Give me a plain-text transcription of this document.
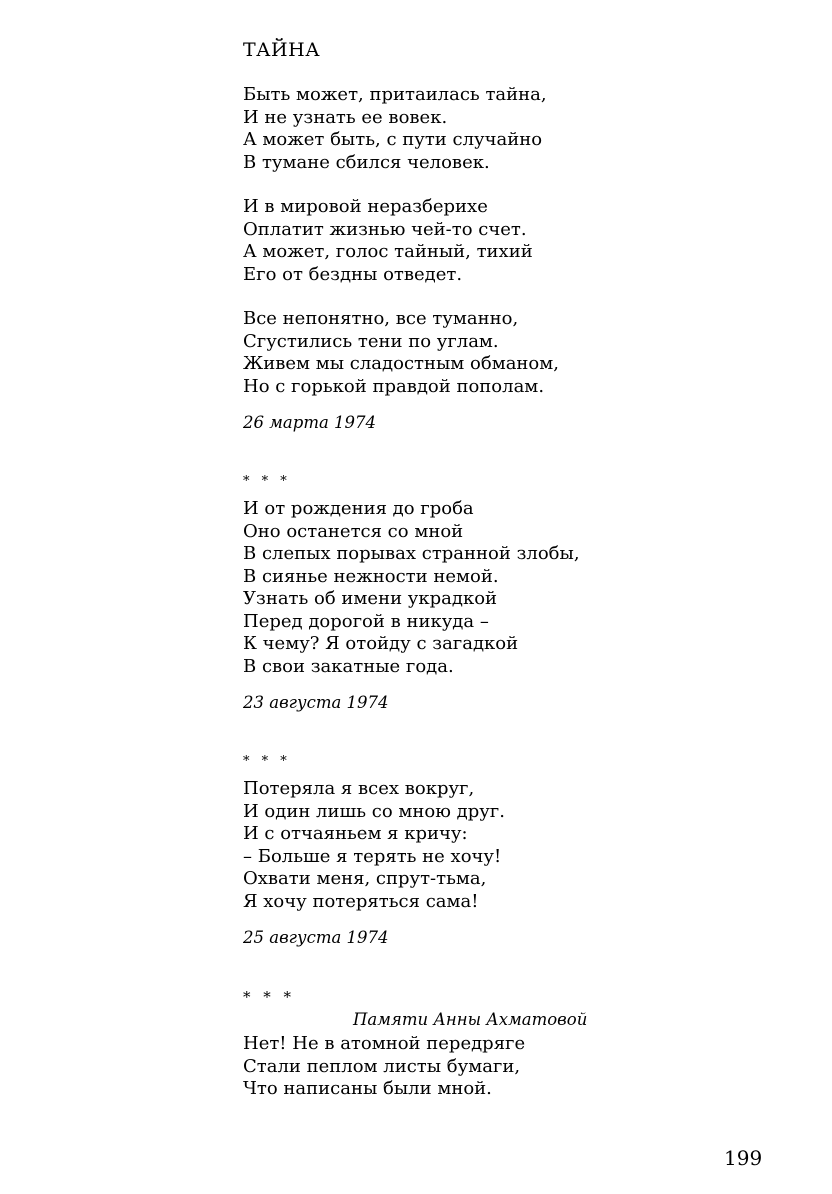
ТАЙНА
Быть может, притаилась тайна,
И не узнать ее вовек.
А может быть, с пути случайно
В тумане сбился человек.
И в мировой неразберихе
Оплатит жизнью чей-то счет.
А может, голос тайный, тихий
Его от бездны отведет.
Все непонятно, все туманно,
Сгустились тени по углам.
Живем мы сладостным обманом,
Но с горькой правдой пополам.
26 марта 1974
* * *
И от рождения до гроба
Оно останется со мной
В слепых порывах странной злобы,
В сиянье нежности немой.
Узнать об имени украдкой
Перед дорогой в никуда –
К чему? Я отойду с загадкой
В свои закатные года.
23 августа 1974
* * *
Потеряла я всех вокруг,
И один лишь со мною друг.
И с отчаяньем я кричу:
– Больше я терять не хочу!
Охвати меня, спрут-тьма,
Я хочу потеряться сама!
25 августа 1974
* * *
Памяти Анны Ахматовой
Нет! Не в атомной передряге
Стали пеплом листы бумаги,
Что написаны были мной.
199
